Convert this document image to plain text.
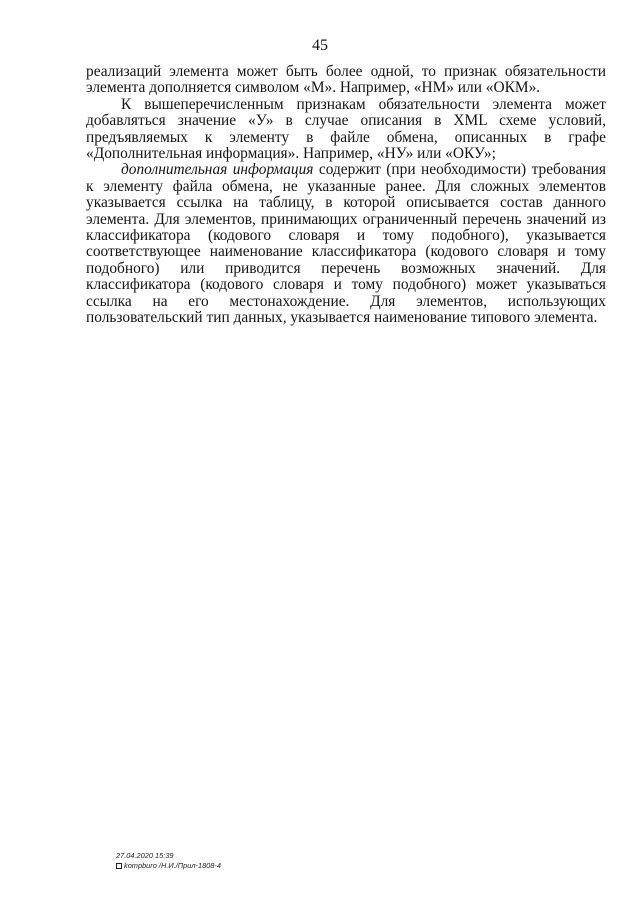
45

реализаций элемента может быть более одной, то признак обязательности элемента дополняется символом «М». Например, «НМ» или «ОКМ».

К вышеперечисленным признакам обязательности элемента может добавляться значение «У» в случае описания в XML схеме условий, предъявляемых к элементу в файле обмена, описанных в графе «Дополнительная информация». Например, «НУ» или «ОКУ»;

дополнительная информация содержит (при необходимости) требования к элементу файла обмена, не указанные ранее. Для сложных элементов указывается ссылка на таблицу, в которой описывается состав данного элемента. Для элементов, принимающих ограниченный перечень значений из классификатора (кодового словаря и тому подобного), указывается соответствующее наименование классификатора (кодового словаря и тому подобного) или приводится перечень возможных значений. Для классификатора (кодового словаря и тому подобного) может указываться ссылка на его местонахождение. Для элементов, использующих пользовательский тип данных, указывается наименование типового элемента.

27.04.2020 15:39
kompburo /Н.И./Прил-1808-4
